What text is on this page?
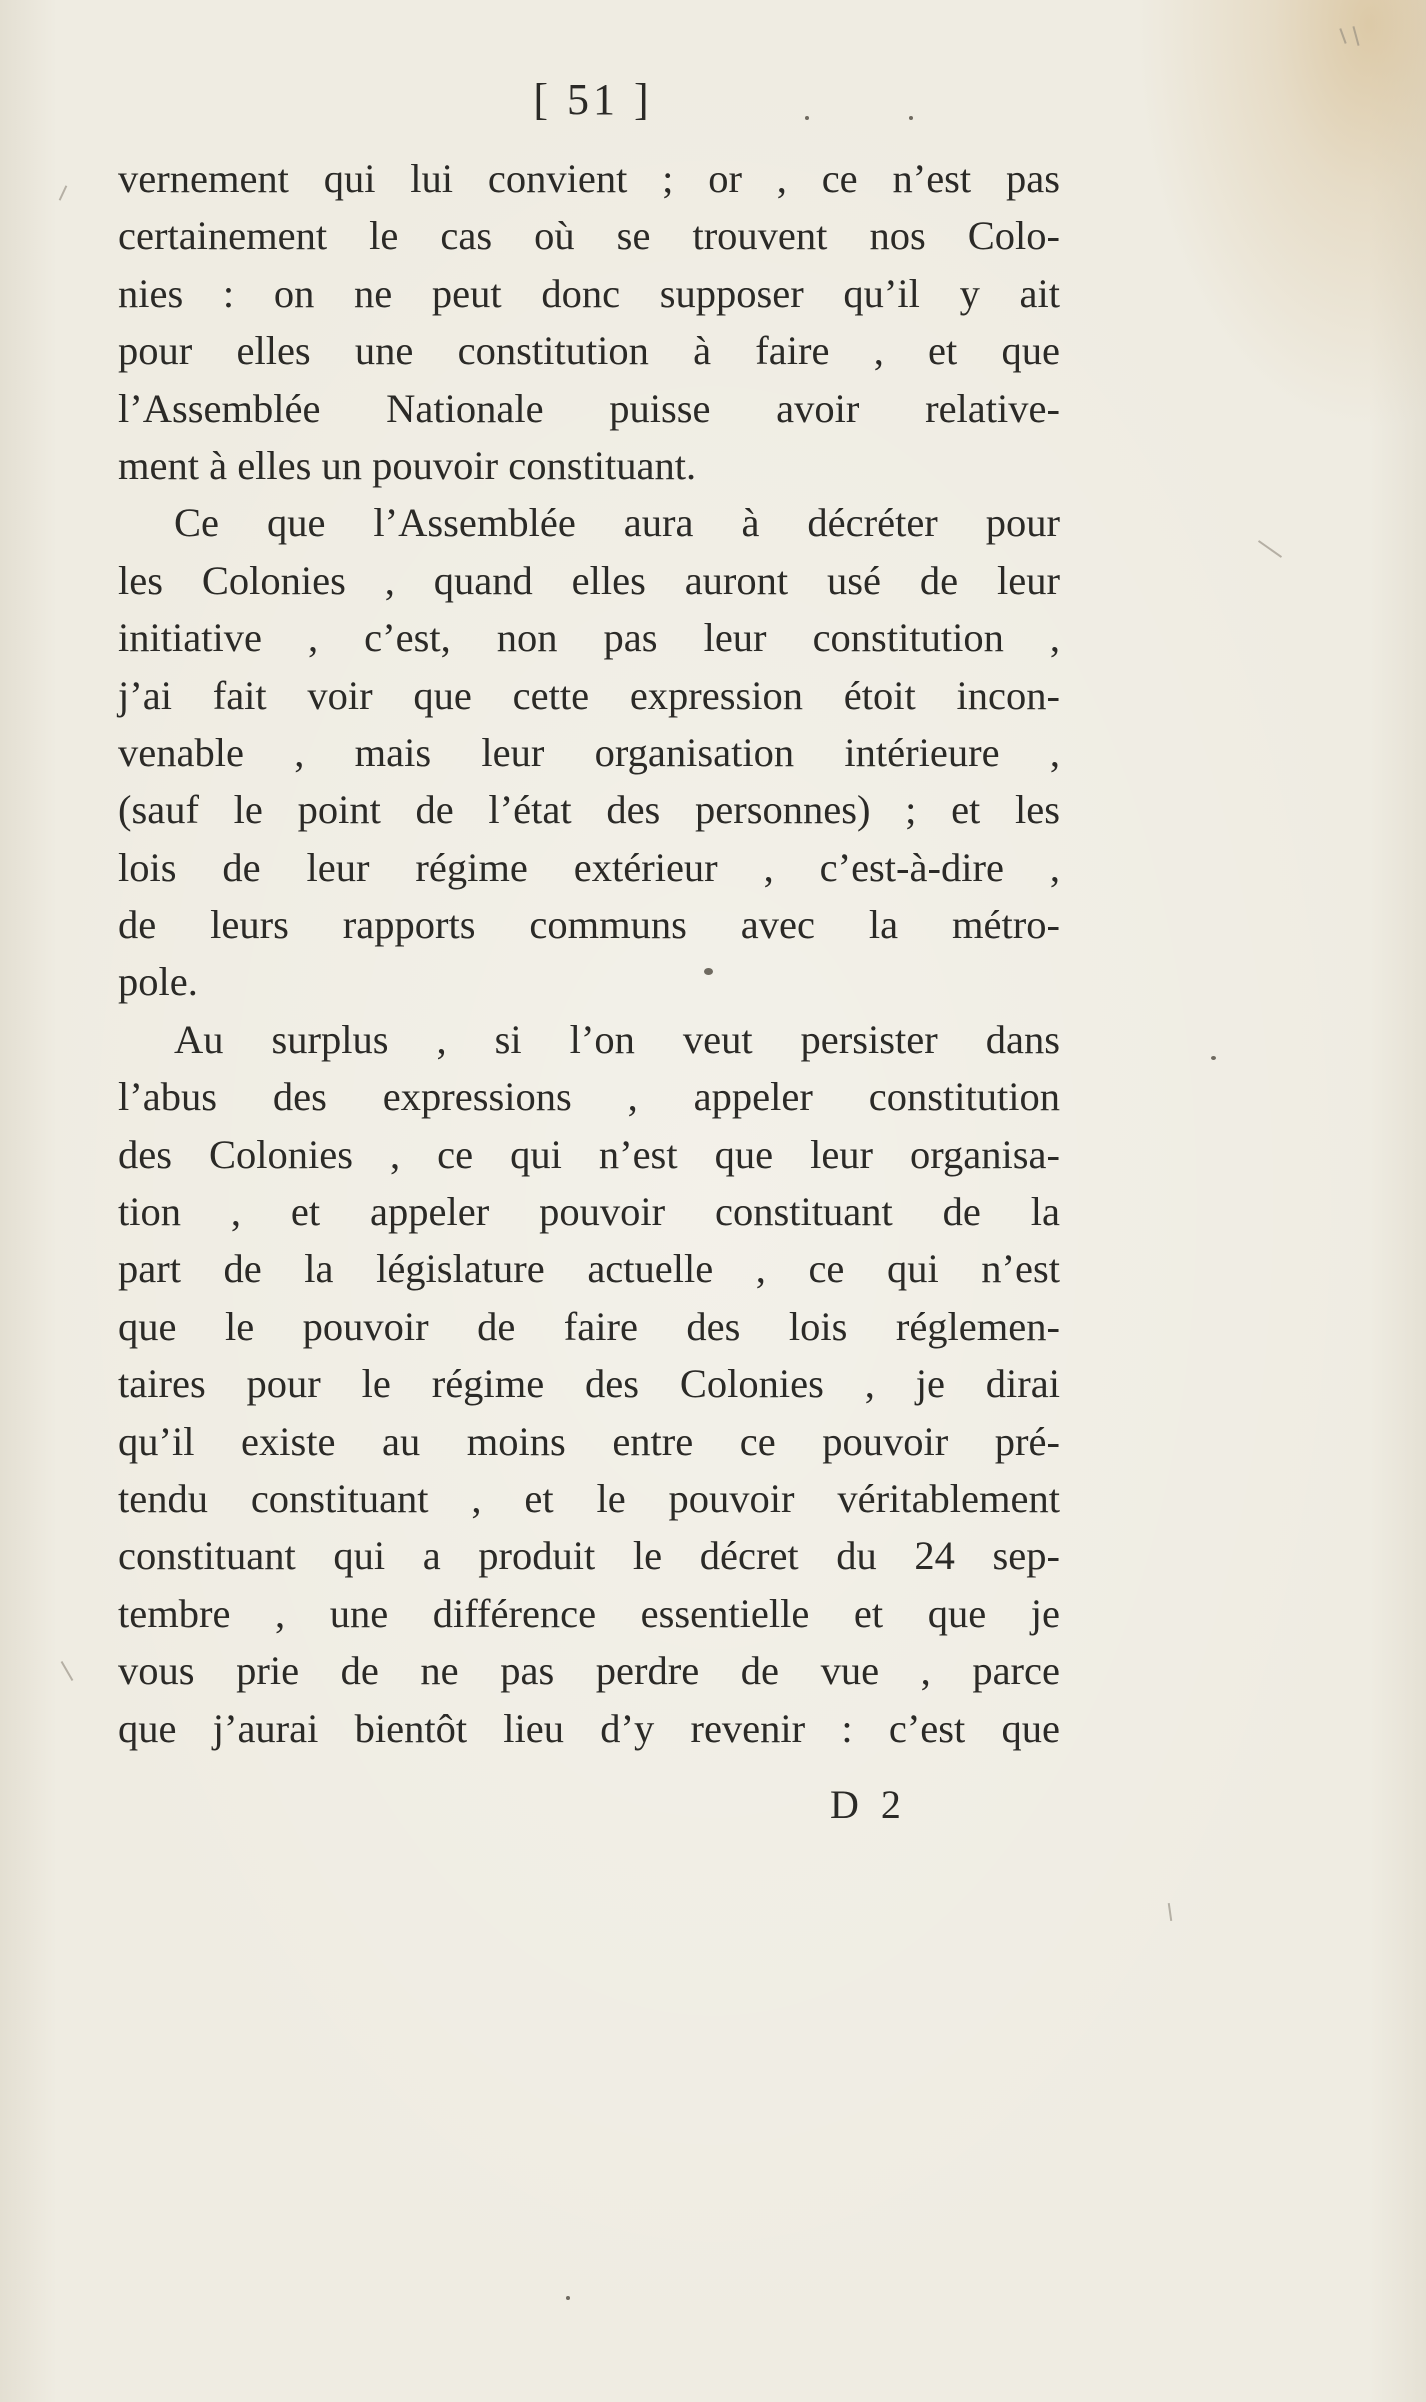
[ 51 ]
vernement qui lui convient ; or , ce n’est pas
certainement le cas où se trouvent nos Colo-
nies : on ne peut donc supposer qu’il y ait
pour elles une constitution à faire , et que
l’Assemblée Nationale puisse avoir relative-
ment à elles un pouvoir constituant.
Ce que l’Assemblée aura à décréter pour
les Colonies , quand elles auront usé de leur
initiative , c’est, non pas leur constitution ,
j’ai fait voir que cette expression étoit incon-
venable , mais leur organisation intérieure ,
(sauf le point de l’état des personnes) ; et les
lois de leur régime extérieur , c’est-à-dire ,
de leurs rapports communs avec la métro-
pole.
Au surplus , si l’on veut persister dans
l’abus des expressions , appeler constitution
des Colonies , ce qui n’est que leur organisa-
tion , et appeler pouvoir constituant de la
part de la législature actuelle , ce qui n’est
que le pouvoir de faire des lois réglemen-
taires pour le régime des Colonies , je dirai
qu’il existe au moins entre ce pouvoir pré-
tendu constituant , et le pouvoir véritablement
constituant qui a produit le décret du 24 sep-
tembre , une différence essentielle et que je
vous prie de ne pas perdre de vue , parce
que j’aurai bientôt lieu d’y revenir : c’est que
D 2
